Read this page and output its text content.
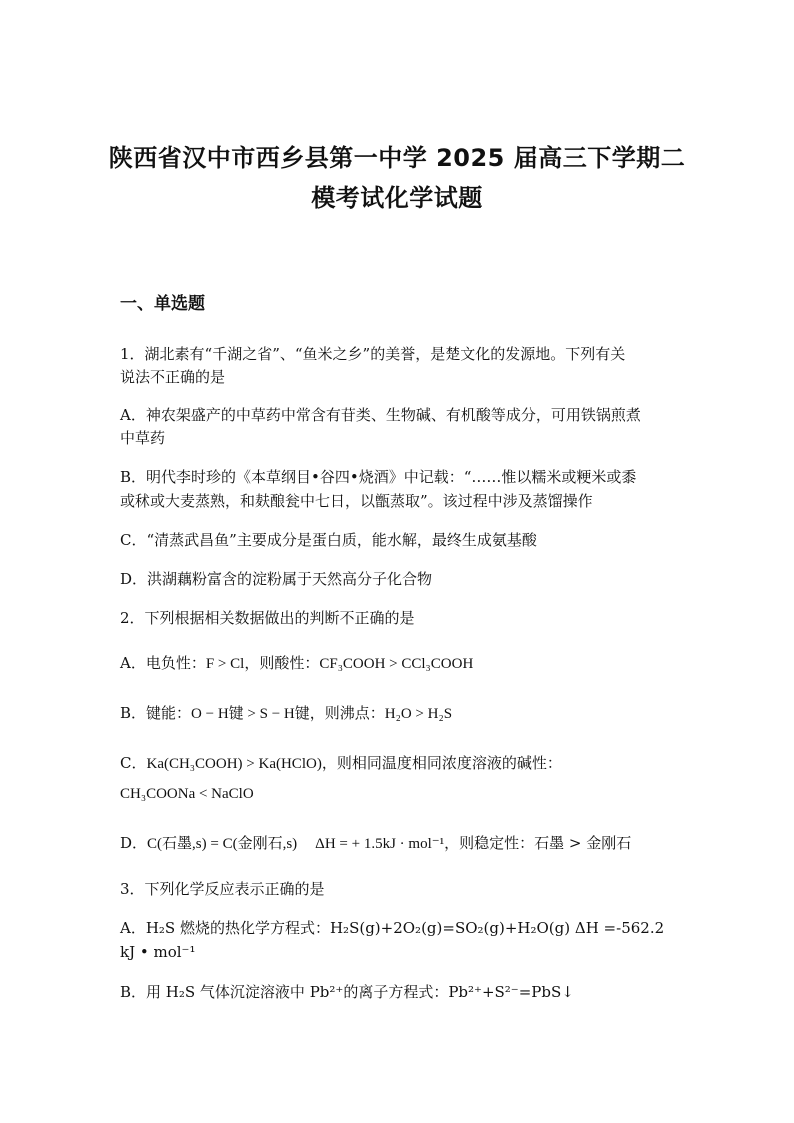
陕西省汉中市西乡县第一中学 2025 届高三下学期二
模考试化学试题
一、单选题
1．湖北素有“千湖之省”、“鱼米之乡”的美誉，是楚文化的发源地。下列有关
说法不正确的是
A．神农架盛产的中草药中常含有苷类、生物碱、有机酸等成分，可用铁锅煎煮
中草药
B．明代李时珍的《本草纲目•谷四•烧酒》中记载：“……惟以糯米或粳米或黍
或秫或大麦蒸熟，和麸酿瓮中七日，以甑蒸取”。该过程中涉及蒸馏操作
C．“清蒸武昌鱼”主要成分是蛋白质，能水解，最终生成氨基酸
D．洪湖藕粉富含的淀粉属于天然高分子化合物
2．下列根据相关数据做出的判断不正确的是
A．电负性：F > Cl，则酸性：CF₃COOH > CCl₃COOH
B．键能：O − H键 > S − H键，则沸点：H₂O > H₂S
C．Ka(CH₃COOH) > Ka(HClO)，则相同温度相同浓度溶液的碱性：
CH₃COONa < NaClO
D．C(石墨,s) = C(金刚石,s) ΔH = + 1.5kJ · mol⁻¹，则稳定性：石墨 > 金刚石
3．下列化学反应表示正确的是
A．H₂S 燃烧的热化学方程式：H₂S(g)+2O₂(g)=SO₂(g)+H₂O(g) ΔH =-562.2
kJ • mol⁻¹
B．用 H₂S 气体沉淀溶液中 Pb²⁺的离子方程式：Pb²⁺+S²⁻=PbS↓
